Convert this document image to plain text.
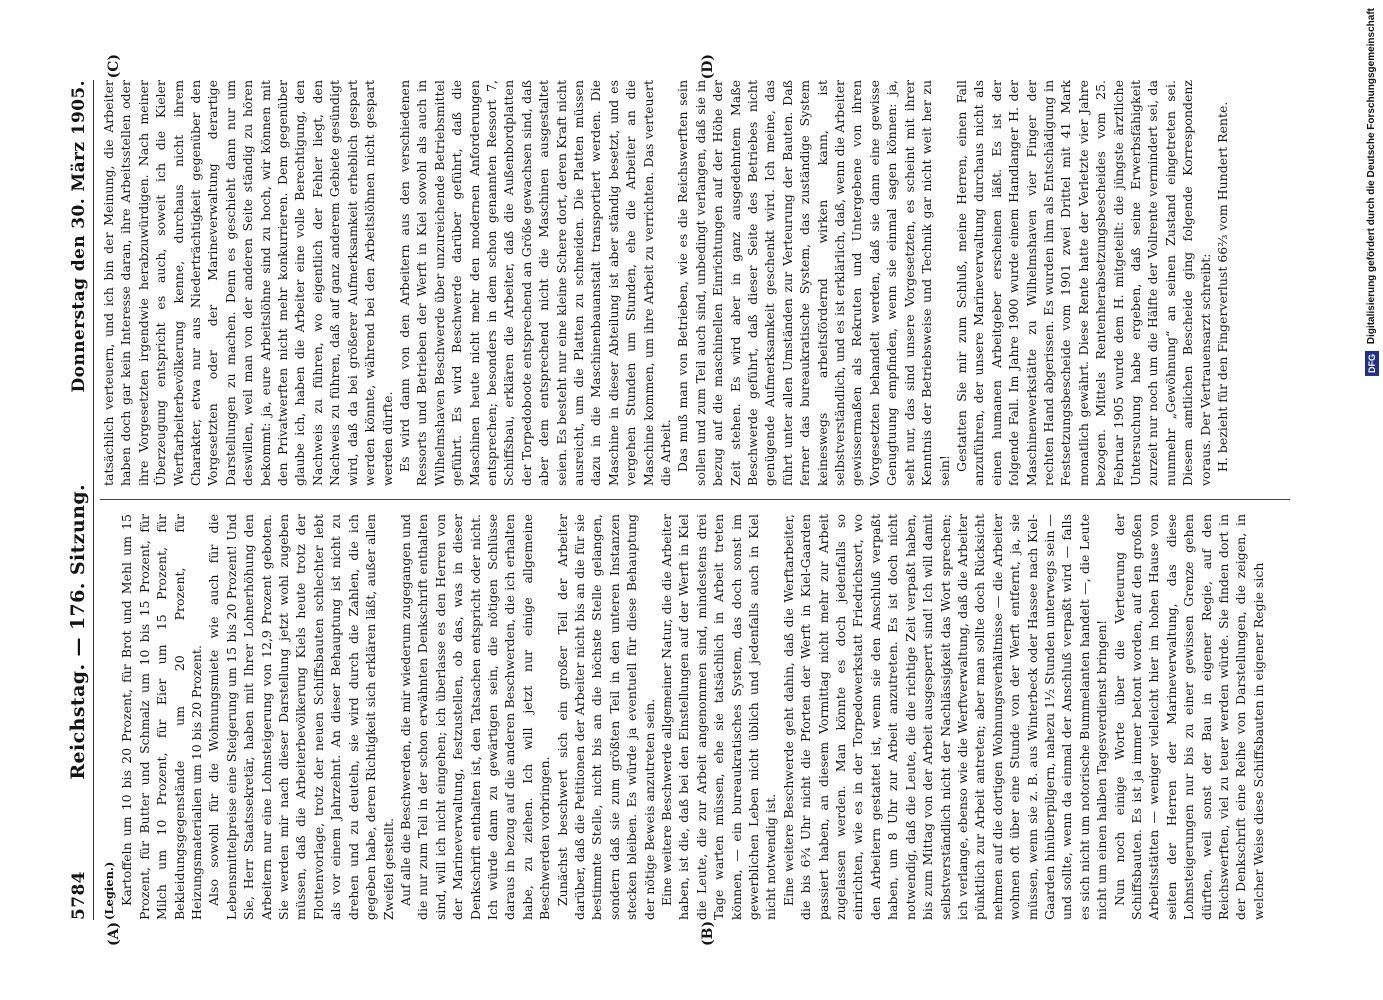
5784
Reichstag. — 176. Sitzung.
Donnerstag den 30. März 1905.
(A)	(B)
(C)	(D)

(Legien.) Kartoffeln um 10 bis 20 Prozent, für Brot und Mehl um 15 Prozent, für Butter und Schmalz um 10 bis 15 Prozent, für Milch um 10 Prozent, für Eier um 15 Prozent, für Bekleidungsgegenstände um 20 Prozent, für Heizungsmaterialien um 10 bis 20 Prozent. Also sowohl für die Wohnungsmiete wie auch für die Lebensmittelpreise eine Steigerung um 15 bis 20 Prozent! Und Sie, Herr Staatssekretär, haben mit Ihrer Lohnerhöhung den Arbeitern nur eine Lohnsteigerung von 12,9 Prozent geboten. Sie werden mir nach dieser Darstellung jetzt wohl zugeben müssen, daß die Arbeiterbevölkerung Kiels heute trotz der Flottenvorlage, trotz der neuen Schiffsbauten schlechter lebt als vor einem Jahrzehnt. An dieser Behauptung ist nicht zu drehen und zu deuteln, sie wird durch die Zahlen, die ich gegeben habe, deren Richtigkeit sich erklären läßt, außer allen Zweifel gestellt. Auf alle die Beschwerden, die mir wiederum zugegangen und die nur zum Teil in der schon erwähnten Denkschrift enthalten sind, will ich nicht eingehen; ich überlasse es den Herren von der Marineverwaltung, festzustellen, ob das, was in dieser Denkschrift enthalten ist, den Tatsachen entspricht oder nicht. Ich würde dann zu gewärtigen sein, die nötigen Schlüsse daraus in bezug auf die anderen Beschwerden, die ich erhalten habe, zu ziehen. Ich will jetzt nur einige allgemeine Beschwerden vorbringen. Zunächst beschwert sich ein großer Teil der Arbeiter darüber, daß die Petitionen der Arbeiter nicht bis an die für sie bestimmte Stelle, nicht bis an die höchste Stelle gelangen, sondern daß sie zum größten Teil in den unteren Instanzen stecken bleiben. Es würde ja eventuell für diese Behauptung der nötige Beweis anzutreten sein. Eine weitere Beschwerde allgemeiner Natur, die die Arbeiter haben, ist die, daß bei den Einstellungen auf der Werft in Kiel die Leute, die zur Arbeit angenommen sind, mindestens drei Tage warten müssen, ehe sie tatsächlich in Arbeit treten können, — ein bureaukratisches System, das doch sonst im gewerblichen Leben nicht üblich und jedenfalls auch in Kiel nicht notwendig ist. Eine weitere Beschwerde geht dahin, daß die Werftarbeiter, die bis 6¾ Uhr nicht die Pforten der Werft in Kiel-Gaarden passiert haben, an diesem Vormittag nicht mehr zur Arbeit zugelassen werden. Man könnte es doch jedenfalls so einrichten, wie es in der Torpedowerkstatt Friedrichsort, wo den Arbeitern gestattet ist, wenn sie den Anschluß verpaßt haben, um 8 Uhr zur Arbeit anzutreten. Es ist doch nicht notwendig, daß die Leute, die die richtige Zeit verpaßt haben, bis zum Mittag von der Arbeit ausgesperrt sind! Ich will damit selbstverständlich nicht der Nachlässigkeit das Wort sprechen; ich verlange, ebenso wie die Werftverwaltung, daß die Arbeiter pünktlich zur Arbeit antreten; aber man sollte doch Rücksicht nehmen auf die dortigen Wohnungsverhältnisse — die Arbeiter wohnen oft über eine Stunde von der Werft entfernt, ja, sie müssen, wenn sie z. B. aus Winterbeck oder Hassee nach Kiel-Gaarden hinüberpilgern, nahezu 1½ Stunden unterwegs sein — und sollte, wenn da einmal der Anschluß verpaßt wird — falls es sich nicht um notorische Bummelanten handelt —, die Leute nicht um einen halben Tagesverdienst bringen! Nun noch einige Worte über die Verteurung der Schiffsbauten. Es ist ja immer betont worden, auf den großen Arbeitsstätten — weniger vielleicht hier im hohen Hause von seiten der Herren der Marineverwaltung, das diese Lohnsteigerungen nur bis zu einer gewissen Grenze gehen dürften, weil sonst der Bau in eigener Regie, auf den Reichswerften, viel zu teuer werden würde. Sie finden dort in der Denkschrift eine Reihe von Darstellungen, die zeigen, in welcher Weise diese Schiffsbauten in eigener Regie sich

tatsächlich verteuern, und ich bin der Meinung, die Arbeiter haben doch gar kein Interesse daran, ihre Arbeitsstellen oder ihre Vorgesetzten irgendwie herabzuwürdigen. Nach meiner Überzeugung entspricht es auch, soweit ich die Kieler Werftarbeiterbevölkerung kenne, durchaus nicht ihrem Charakter, etwa nur aus Niederträchtigkeit gegenüber den Vorgesetzten oder der Marineverwaltung derartige Darstellungen zu machen. Denn es geschieht dann nur um deswillen, weil man von der anderen Seite ständig zu hören bekommt: ja, eure Arbeitslöhne sind zu hoch, wir können mit den Privatwerften nicht mehr konkurrieren. Dem gegenüber glaube ich, haben die Arbeiter eine volle Berechtigung, den Nachweis zu führen, wo eigentlich der Fehler liegt, den Nachweis zu führen, daß auf ganz anderem Gebiete gesündigt wird, daß da bei größerer Aufmerksamkeit erheblich gespart werden könnte, während bei den Arbeitslöhnen nicht gespart werden dürfte. Es wird dann von den Arbeitern aus den verschiedenen Ressorts und Betrieben der Werft in Kiel sowohl als auch in Wilhelmshaven Beschwerde über unzureichende Betriebsmittel geführt. Es wird Beschwerde darüber geführt, daß die Maschinen heute nicht mehr den modernen Anforderungen entsprechen; besonders in dem schon genannten Ressort 7, Schiffsbau, erklären die Arbeiter, daß die Außenbordplatten der Torpedoboote entsprechend an Größe gewachsen sind, daß aber dem entsprechend nicht die Maschinen ausgestaltet seien. Es besteht nur eine kleine Schere dort, deren Kraft nicht ausreicht, um die Platten zu schneiden. Die Platten müssen dazu in die Maschinenbauanstalt transportiert werden. Die Maschine in dieser Abteilung ist aber ständig besetzt, und es vergehen Stunden um Stunden, ehe die Arbeiter an die Maschine kommen, um ihre Arbeit zu verrichten. Das verteuert die Arbeit. Das muß man von Betrieben, wie es die Reichswerften sein sollen und zum Teil auch sind, unbedingt verlangen, daß sie in bezug auf die maschinellen Einrichtungen auf der Höhe der Zeit stehen. Es wird aber in ganz ausgedehntem Maße Beschwerde geführt, daß dieser Seite des Betriebes nicht genügende Aufmerksamkeit geschenkt wird. Ich meine, das führt unter allen Umständen zur Verteurung der Bauten. Daß ferner das bureaukratische System, das zuständige System keineswegs arbeitsfördernd wirken kann, ist selbstverständlich, und es ist erklärlich, daß, wenn die Arbeiter gewissermaßen als Rekruten und Untergebene von ihren Vorgesetzten behandelt werden, daß sie dann eine gewisse Genugtuung empfinden, wenn sie einmal sagen können: ja, seht nur, das sind unsere Vorgesetzten, es scheint mit ihrer Kenntnis der Betriebsweise und Technik gar nicht weit her zu sein! Gestatten Sie mir zum Schluß, meine Herren, einen Fall anzuführen, der unsere Marineverwaltung durchaus nicht als einen humanen Arbeitgeber erscheinen läßt. Es ist der folgende Fall. Im Jahre 1900 wurde einem Handlanger H. der Maschinenwerkstätte zu Wilhelmshaven vier Finger der rechten Hand abgerissen. Es wurden ihm als Entschädigung in Festsetzungsbescheide vom 1901 zwei Drittel mit 41 Mark monatlich gewährt. Diese Rente hatte der Verletzte vier Jahre bezogen. Mittels Rentenherabsetzungsbescheides vom 25. Februar 1905 wurde dem H. mitgeteilt: die jüngste ärztliche Untersuchung habe ergeben, daß seine Erwerbsfähigkeit zurzeit nur noch um die Hälfte der Vollrente vermindert sei, da nunmehr „Gewöhnung“ an seinen Zustand eingetreten sei. Diesem amtlichen Bescheide ging folgende Korrespondenz voraus. Der Vertrauensarzt schreibt: H. bezieht für den Fingerverlust 66⅔ vom Hundert Rente.	DFG Digitalisierung gefördert durch die Deutsche Forschungsgemeinschaft
